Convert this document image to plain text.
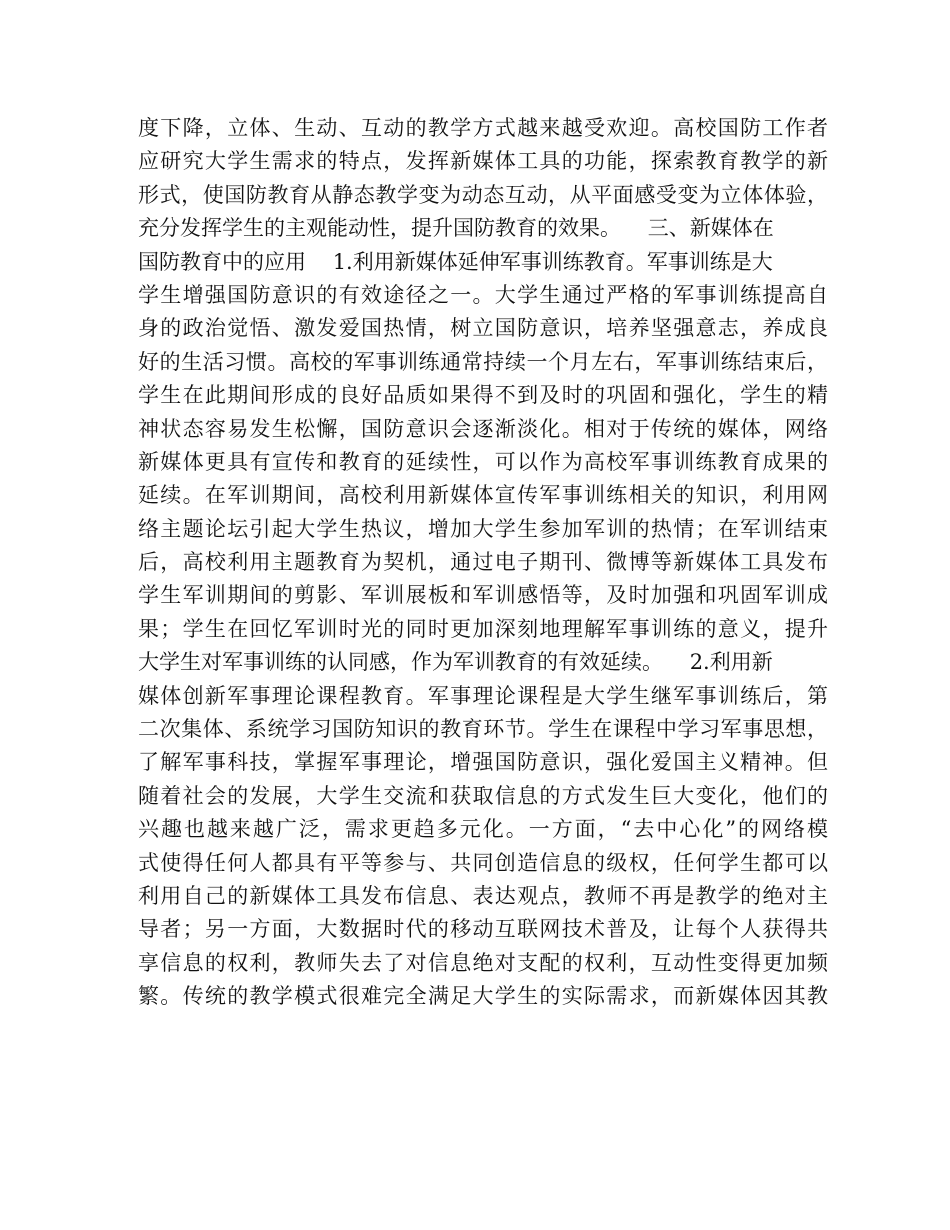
度下降，立体、生动、互动的教学方式越来越受欢迎。高校国防工作者
应研究大学生需求的特点，发挥新媒体工具的功能，探索教育教学的新
形式，使国防教育从静态教学变为动态互动，从平面感受变为立体体验，
充分发挥学生的主观能动性，提升国防教育的效果。    三、新媒体在
国防教育中的应用    1.利用新媒体延伸军事训练教育。军事训练是大
学生增强国防意识的有效途径之一。大学生通过严格的军事训练提高自
身的政治觉悟、激发爱国热情，树立国防意识，培养坚强意志，养成良
好的生活习惯。高校的军事训练通常持续一个月左右，军事训练结束后，
学生在此期间形成的良好品质如果得不到及时的巩固和强化，学生的精
神状态容易发生松懈，国防意识会逐渐淡化。相对于传统的媒体，网络
新媒体更具有宣传和教育的延续性，可以作为高校军事训练教育成果的
延续。在军训期间，高校利用新媒体宣传军事训练相关的知识，利用网
络主题论坛引起大学生热议，增加大学生参加军训的热情；在军训结束
后，高校利用主题教育为契机，通过电子期刊、微博等新媒体工具发布
学生军训期间的剪影、军训展板和军训感悟等，及时加强和巩固军训成
果；学生在回忆军训时光的同时更加深刻地理解军事训练的意义，提升
大学生对军事训练的认同感，作为军训教育的有效延续。    2.利用新
媒体创新军事理论课程教育。军事理论课程是大学生继军事训练后，第
二次集体、系统学习国防知识的教育环节。学生在课程中学习军事思想，
了解军事科技，掌握军事理论，增强国防意识，强化爱国主义精神。但
随着社会的发展，大学生交流和获取信息的方式发生巨大变化，他们的
兴趣也越来越广泛，需求更趋多元化。一方面，“去中心化”的网络模
式使得任何人都具有平等参与、共同创造信息的级权，任何学生都可以
利用自己的新媒体工具发布信息、表达观点，教师不再是教学的绝对主
导者；另一方面，大数据时代的移动互联网技术普及，让每个人获得共
享信息的权利，教师失去了对信息绝对支配的权利，互动性变得更加频
繁。传统的教学模式很难完全满足大学生的实际需求，而新媒体因其教
